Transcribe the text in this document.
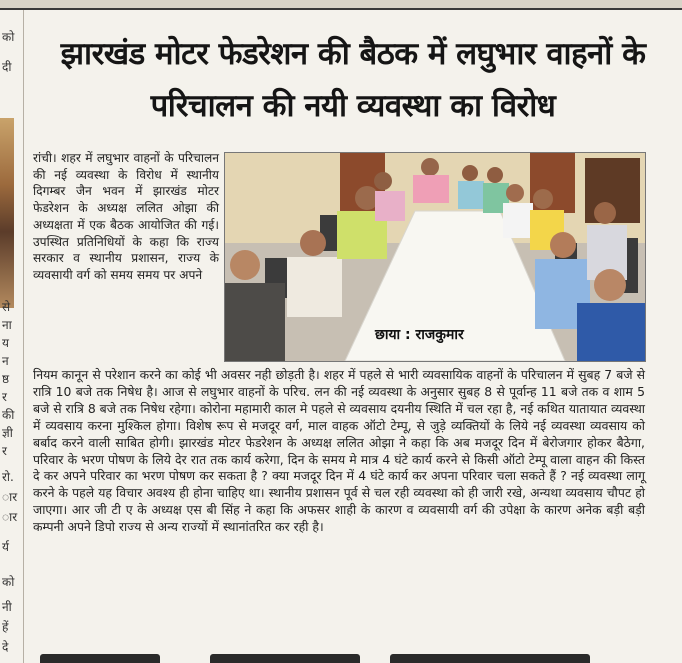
को
दी
से
ना
य
न
ष्ठ
र
की
ज्ञी
र
रो.
ार
ार
र्य
को
नी
हें
दे
झारखंड मोटर फेडरेशन की बैठक में लघुभार वाहनों के परिचालन की नयी व्यवस्था का विरोध

रांची। शहर में लघुभार वाहनों के परिचालन की नई व्यवस्था के विरोध में स्थानीय दिगम्बर जैन भवन में झारखंड मोटर फेडरेशन के अध्यक्ष ललित ओझा की अध्यक्षता में एक बैठक आयोजित की गई। उपस्थित प्रतिनिधियों के कहा कि राज्य सरकार व स्थानीय प्रशासन, राज्य के व्यवसायी वर्ग को समय समय पर अपने

छाया : राजकुमार

नियम कानून से परेशान करने का कोई भी अवसर नही छोड़ती है। शहर में पहले से भारी व्यवसायिक वाहनों के परिचालन में सुबह 7 बजे से रात्रि 10 बजे तक निषेध है। आज से लघुभार वाहनों के परिच. लन की नई व्यवस्था के अनुसार सुबह 8 से पूर्वान्ह 11 बजे तक व शाम 5 बजे से रात्रि 8 बजे तक निषेध रहेगा। कोरोना महामारी काल मे पहले से व्यवसाय दयनीय स्थिति में चल रहा है, नई कथित यातायात व्यवस्था में व्यवसाय करना मुश्किल होगा। विशेष रूप से मजदूर वर्ग, माल वाहक ऑटो टेम्पू, से जुड़े व्यक्तियों के लिये नई व्यवस्था व्यवसाय को बर्बाद करने वाली साबित होगी। झारखंड मोटर फेडरेशन के अध्यक्ष ललित ओझा ने कहा कि अब मजदूर दिन में बेरोजगार होकर बैठेगा, परिवार के भरण पोषण के लिये देर रात तक कार्य करेगा, दिन के समय मे मात्र 4 घंटे कार्य करने से किसी ऑटो टेम्पू वाला वाहन की किस्त दे कर अपने परिवार का भरण पोषण कर सकता है ? क्या मजदूर दिन में 4 घंटे कार्य कर अपना परिवार चला सकते हैं ? नई व्यवस्था लागू करने के पहले यह विचार अवश्य ही होना चाहिए था। स्थानीय प्रशासन पूर्व से चल रही व्यवस्था को ही जारी रखे, अन्यथा व्यवसाय चौपट हो जाएगा। आर जी टी ए के अध्यक्ष एस बी सिंह ने कहा कि अफसर शाही के कारण व व्यवसायी वर्ग की उपेक्षा के कारण अनेक बड़ी बड़ी कम्पनी अपने डिपो राज्य से अन्य राज्यों में स्थानांतरित कर रही है।
